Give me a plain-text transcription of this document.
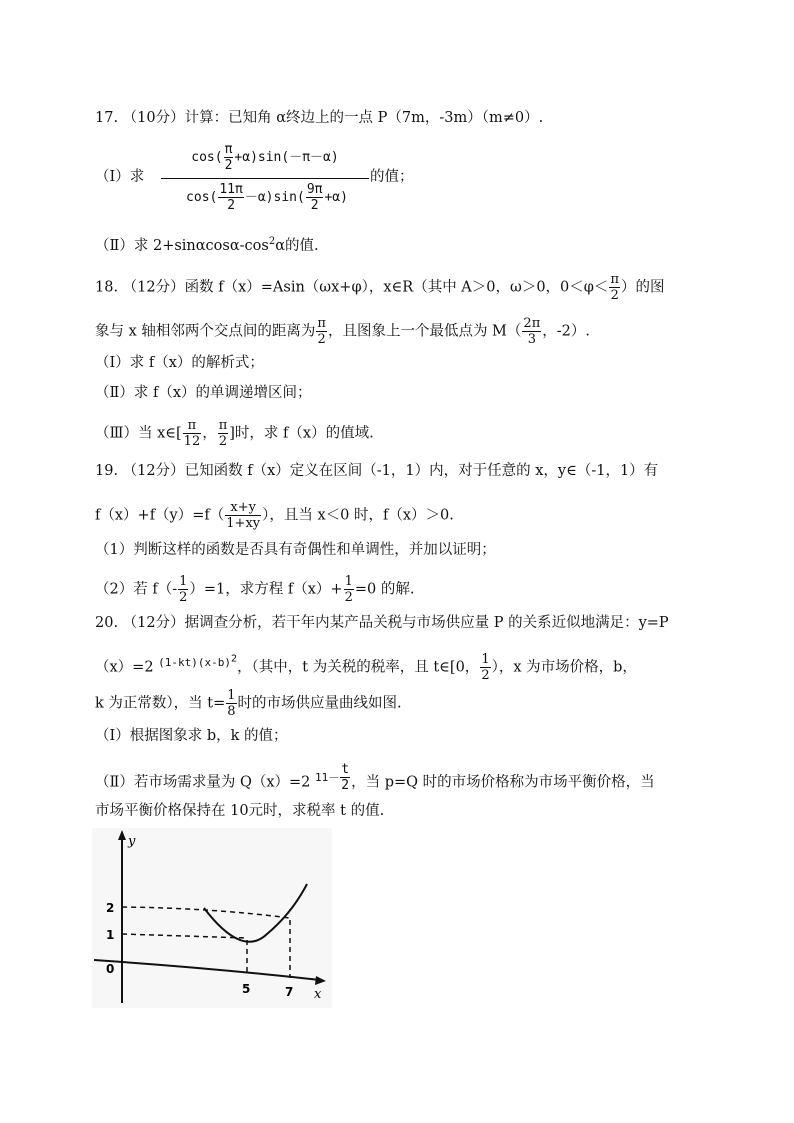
17. （10分）计算：已知角 α终边上的一点 P（7m，-3m）（m≠0）.
（Ⅰ）求
$\cos( \frac{\pi}{2} +\alpha)\sin(-\pi-\alpha)$
$\cos( \frac{11\pi}{2} -\alpha)\sin( \frac{9\pi}{2} +\alpha)$
的值；
（Ⅱ）求 $2+\sin\alpha\cos\alpha-\cos^2\alpha$的值.
18. （12分）函数 f（x）=Asin（ωx+φ），x∈R（其中 A＞0，ω＞0，$0<\varphi< \frac{\pi}{2}$ ）的图
象与 x 轴相邻两个交点间的距离为 $\frac{\pi}{2}$ ，且图象上一个最低点为 $M( \frac{2\pi}{3}$ ，-2）.
（Ⅰ）求 f（x）的解析式；
（Ⅱ）求 f（x）的单调递增区间；
（Ⅲ）当 x∈[ $\frac{\pi}{12}$ ， $\frac{\pi}{2}$ ]时，求 f（x）的值域.
19. （12分）已知函数 f（x）定义在区间（-1，1）内，对于任意的 x，y∈（-1，1）有
$f(x)+f(y)=f( \frac{x+y}{1+xy}$ ），且当 x＜0 时，f（x）＞0.
（1）判断这样的函数是否具有奇偶性和单调性，并加以证明；
（2）若 $f(- \frac{1}{2} )=1$，求方程 $f(x)+ \frac{1}{2} =0$ 的解.
20. （12分）据调查分析，若干年内某产品关税与市场供应量 P 的关系近似地满足：y=P
（x）=2 $^{(1-kt)(x-b)^2}$，（其中，t 为关税的税率，且 t∈[0， $\frac{1}{2}$ ），x 为市场价格，b，
k 为正常数），当 $t= \frac{1}{8}$ 时的市场供应量曲线如图.
（Ⅰ）根据图象求 b，k 的值；
（Ⅱ）若市场需求量为 Q（x）=2 $^{11- \frac{t}{2}}$ ，当 p=Q 时的市场价格称为市场平衡价格，当
市场平衡价格保持在 10元时，求税率 t 的值.
y
x
0
2
1
5	7
